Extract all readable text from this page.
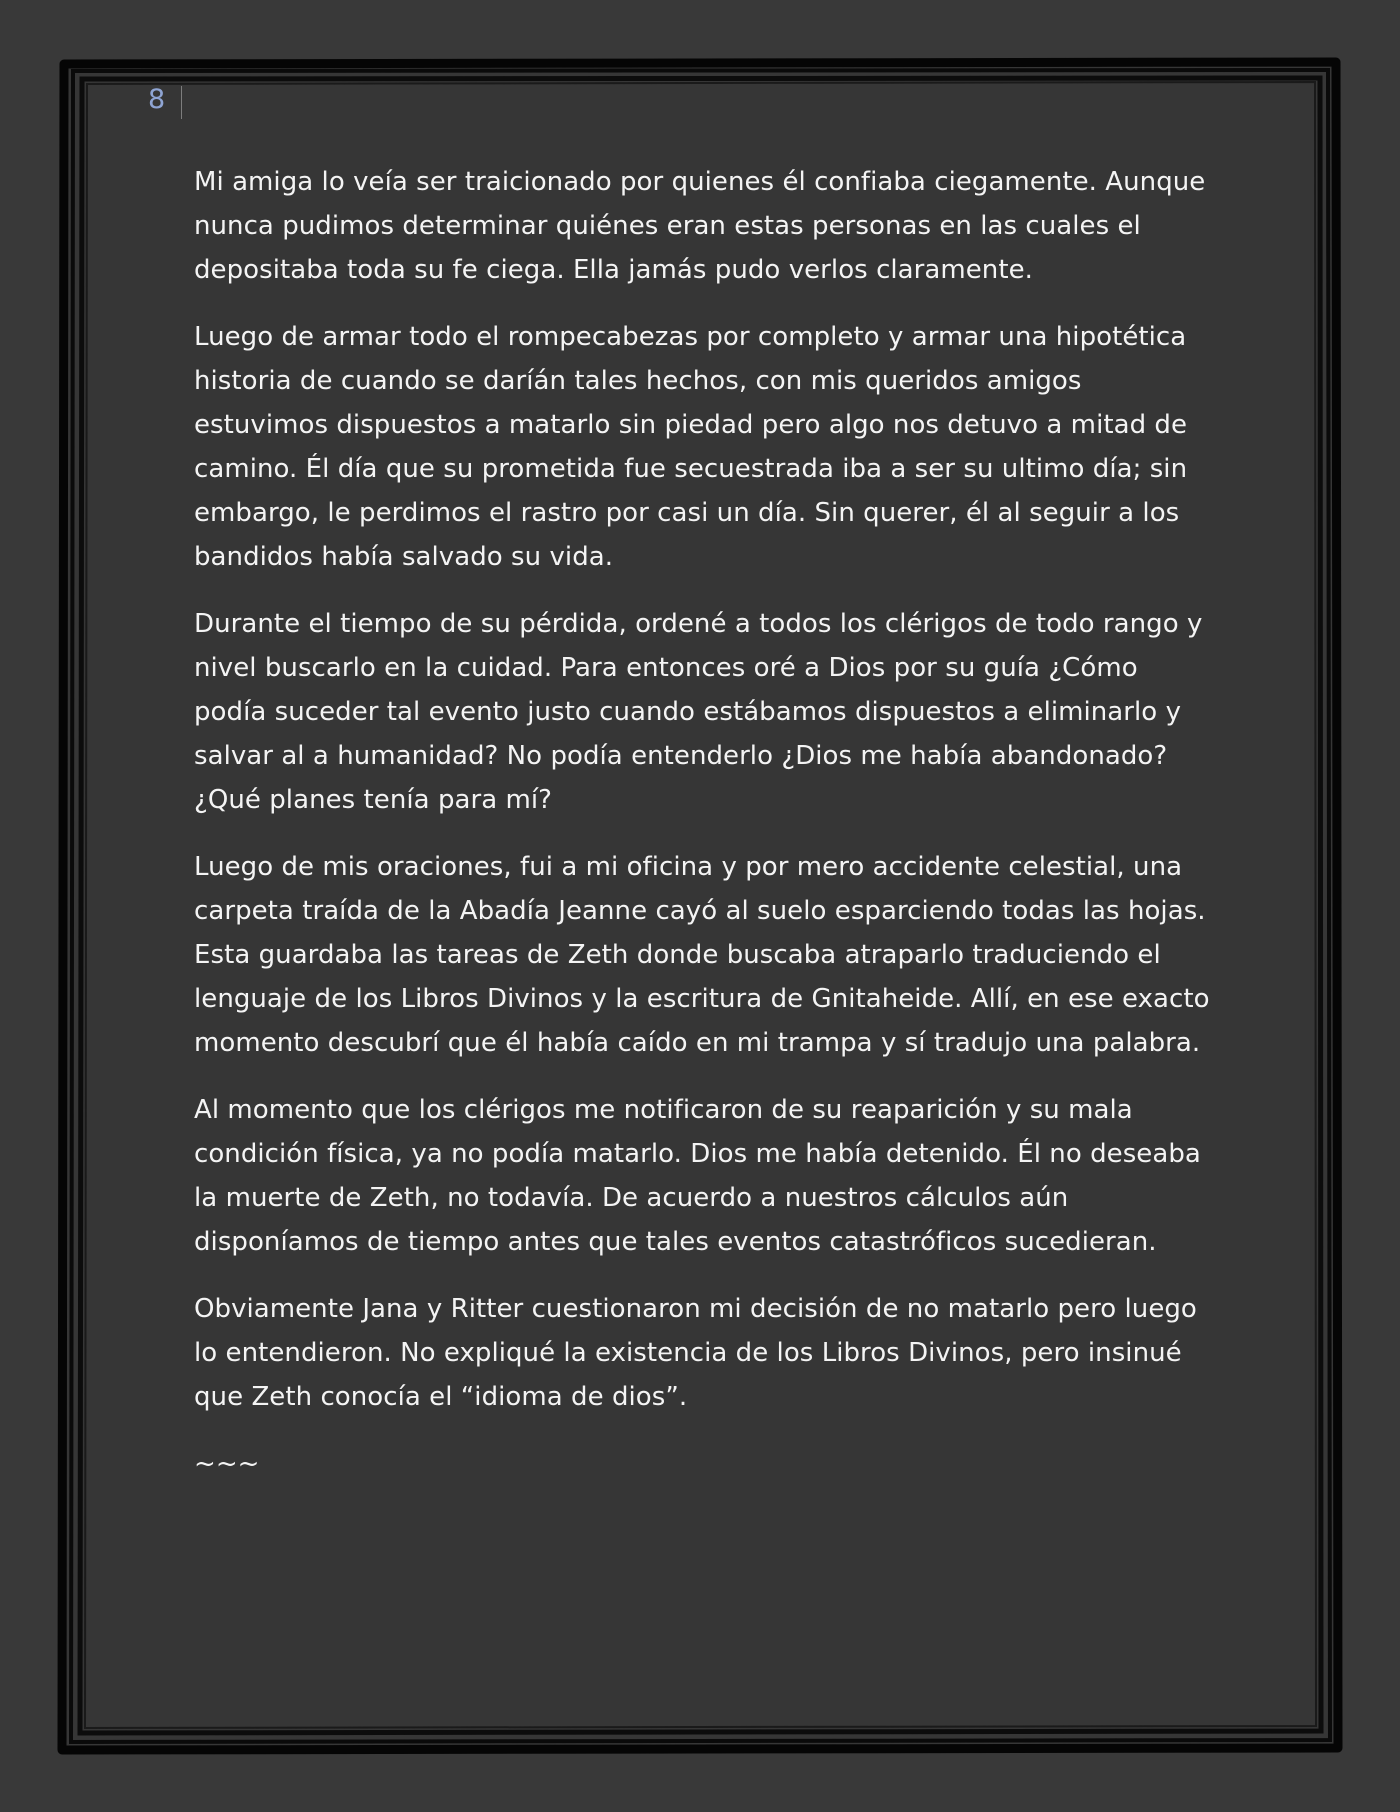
8

Mi amiga lo veía ser traicionado por quienes él confiaba ciegamente. Aunque nunca pudimos determinar quiénes eran estas personas en las cuales el depositaba toda su fe ciega. Ella jamás pudo verlos claramente.

Luego de armar todo el rompecabezas por completo y armar una hipotética historia de cuando se daríán tales hechos, con mis queridos amigos estuvimos dispuestos a matarlo sin piedad pero algo nos detuvo a mitad de camino. Él día que su prometida fue secuestrada iba a ser su ultimo día; sin embargo, le perdimos el rastro por casi un día. Sin querer, él al seguir a los bandidos había salvado su vida.

Durante el tiempo de su pérdida, ordené a todos los clérigos de todo rango y nivel buscarlo en la cuidad. Para entonces oré a Dios por su guía ¿Cómo podía suceder tal evento justo cuando estábamos dispuestos a eliminarlo y salvar al a humanidad? No podía entenderlo ¿Dios me había abandonado? ¿Qué planes tenía para mí?

Luego de mis oraciones, fui a mi oficina y por mero accidente celestial, una carpeta traída de la Abadía Jeanne cayó al suelo esparciendo todas las hojas. Esta guardaba las tareas de Zeth donde buscaba atraparlo traduciendo el lenguaje de los Libros Divinos y la escritura de Gnitaheide. Allí, en ese exacto momento descubrí que él había caído en mi trampa y sí tradujo una palabra.

Al momento que los clérigos me notificaron de su reaparición y su mala condición física, ya no podía matarlo. Dios me había detenido. Él no deseaba la muerte de Zeth, no todavía. De acuerdo a nuestros cálculos aún disponíamos de tiempo antes que tales eventos catastróficos sucedieran.

Obviamente Jana y Ritter cuestionaron mi decisión de no matarlo pero luego lo entendieron. No expliqué la existencia de los Libros Divinos, pero insinué que Zeth conocía el “idioma de dios”.

~~~
